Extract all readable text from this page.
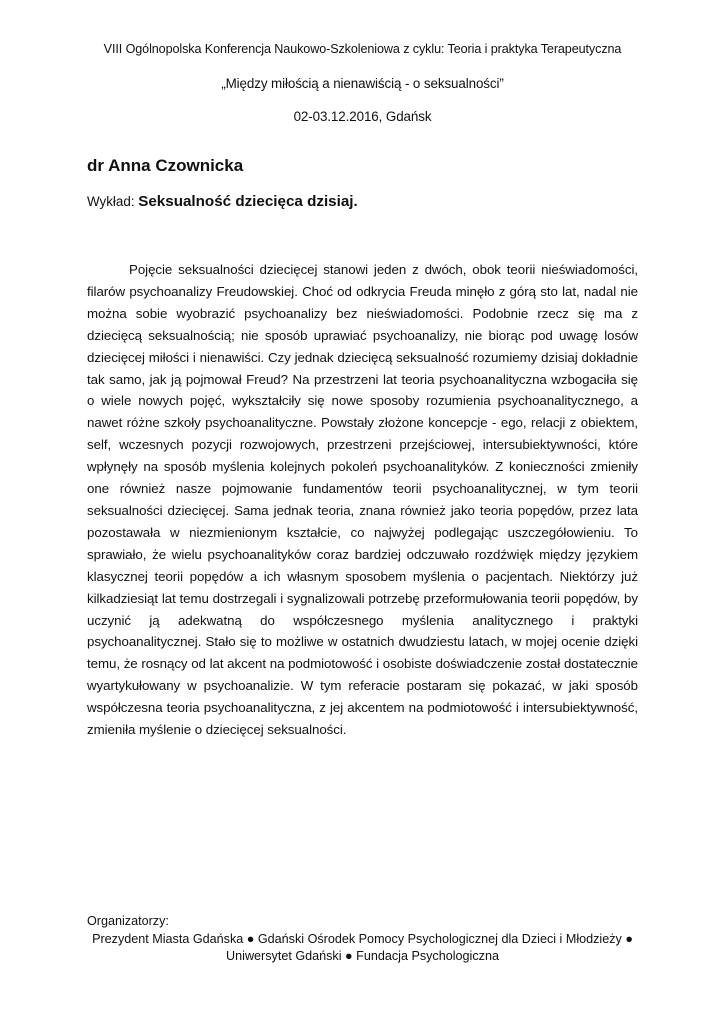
VIII Ogólnopolska Konferencja Naukowo-Szkoleniowa z cyklu: Teoria i praktyka Terapeutyczna
„Między miłością a nienawiścią - o seksualności”
02-03.12.2016, Gdańsk
dr Anna Czownicka
Wykład: Seksualność dziecięca dzisiaj.

Pojęcie seksualności dziecięcej stanowi jeden z dwóch, obok teorii nieświadomości, filarów psychoanalizy Freudowskiej. Choć od odkrycia Freuda minęło z górą sto lat, nadal nie można sobie wyobrazić psychoanalizy bez nieświadomości. Podobnie rzecz się ma z dziecięcą seksualnością; nie sposób uprawiać psychoanalizy, nie biorąc pod uwagę losów dziecięcej miłości i nienawiści. Czy jednak dziecięcą seksualność rozumiemy dzisiaj dokładnie tak samo, jak ją pojmował Freud? Na przestrzeni lat teoria psychoanalityczna wzbogaciła się o wiele nowych pojęć, wykształciły się nowe sposoby rozumienia psychoanalitycznego, a nawet różne szkoły psychoanalityczne. Powstały złożone koncepcje - ego, relacji z obiektem, self, wczesnych pozycji rozwojowych, przestrzeni przejściowej, intersubiektywności, które wpłynęły na sposób myślenia kolejnych pokoleń psychoanalityków. Z konieczności zmieniły one również nasze pojmowanie fundamentów teorii psychoanalitycznej, w tym teorii seksualności dziecięcej. Sama jednak teoria, znana również jako teoria popędów, przez lata pozostawała w niezmienionym kształcie, co najwyżej podlegając uszczegółowieniu. To sprawiało, że wielu psychoanalityków coraz bardziej odczuwało rozdźwięk między językiem klasycznej teorii popędów a ich własnym sposobem myślenia o pacjentach. Niektórzy już kilkadziesiąt lat temu dostrzegali i sygnalizowali potrzebę przeformułowania teorii popędów, by uczynić ją adekwatną do współczesnego myślenia analitycznego i praktyki psychoanalitycznej. Stało się to możliwe w ostatnich dwudziestu latach, w mojej ocenie dzięki temu, że rosnący od lat akcent na podmiotowość i osobiste doświadczenie został dostatecznie wyartykułowany w psychoanalizie. W tym referacie postaram się pokazać, w jaki sposób współczesna teoria psychoanalityczna, z jej akcentem na podmiotowość i intersubiektywność, zmieniła myślenie o dziecięcej seksualności.

Organizatorzy:
Prezydent Miasta Gdańska ● Gdański Ośrodek Pomocy Psychologicznej dla Dzieci i Młodzieży ●
Uniwersytet Gdański ● Fundacja Psychologiczna
